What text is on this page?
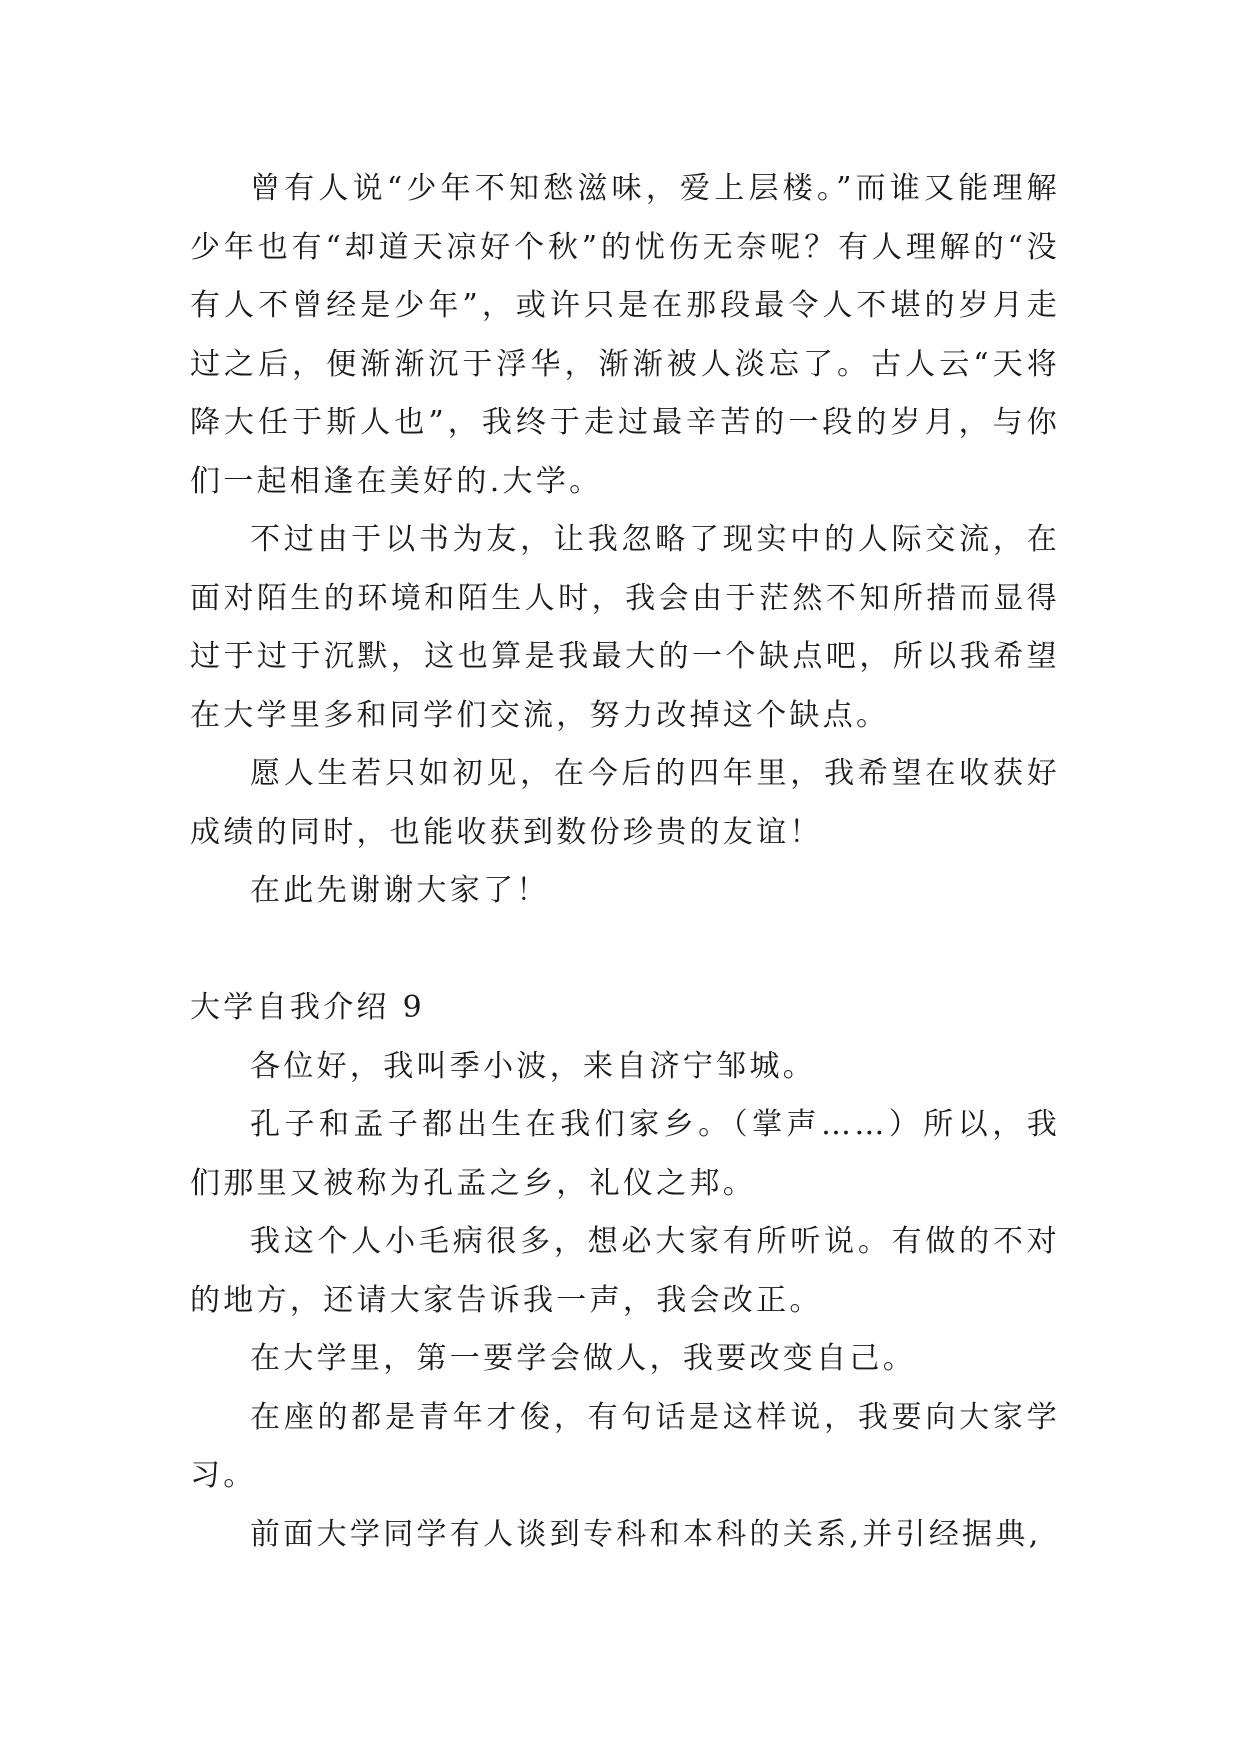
曾有人说“少年不知愁滋味，爱上层楼。”而谁又能理解少年也有“却道天凉好个秋”的忧伤无奈呢？有人理解的“没有人不曾经是少年”，或许只是在那段最令人不堪的岁月走过之后，便渐渐沉于浮华，渐渐被人淡忘了。古人云“天将降大任于斯人也”，我终于走过最辛苦的一段的岁月，与你们一起相逢在美好的.大学。

不过由于以书为友，让我忽略了现实中的人际交流，在面对陌生的环境和陌生人时，我会由于茫然不知所措而显得过于过于沉默，这也算是我最大的一个缺点吧，所以我希望在大学里多和同学们交流，努力改掉这个缺点。

愿人生若只如初见，在今后的四年里，我希望在收获好成绩的同时，也能收获到数份珍贵的友谊！

在此先谢谢大家了！

大学自我介绍 9

各位好，我叫季小波，来自济宁邹城。

孔子和孟子都出生在我们家乡。（掌声……）所以，我们那里又被称为孔孟之乡，礼仪之邦。

我这个人小毛病很多，想必大家有所听说。有做的不对的地方，还请大家告诉我一声，我会改正。

在大学里，第一要学会做人，我要改变自己。

在座的都是青年才俊，有句话是这样说，我要向大家学习。

前面大学同学有人谈到专科和本科的关系,并引经据典,
